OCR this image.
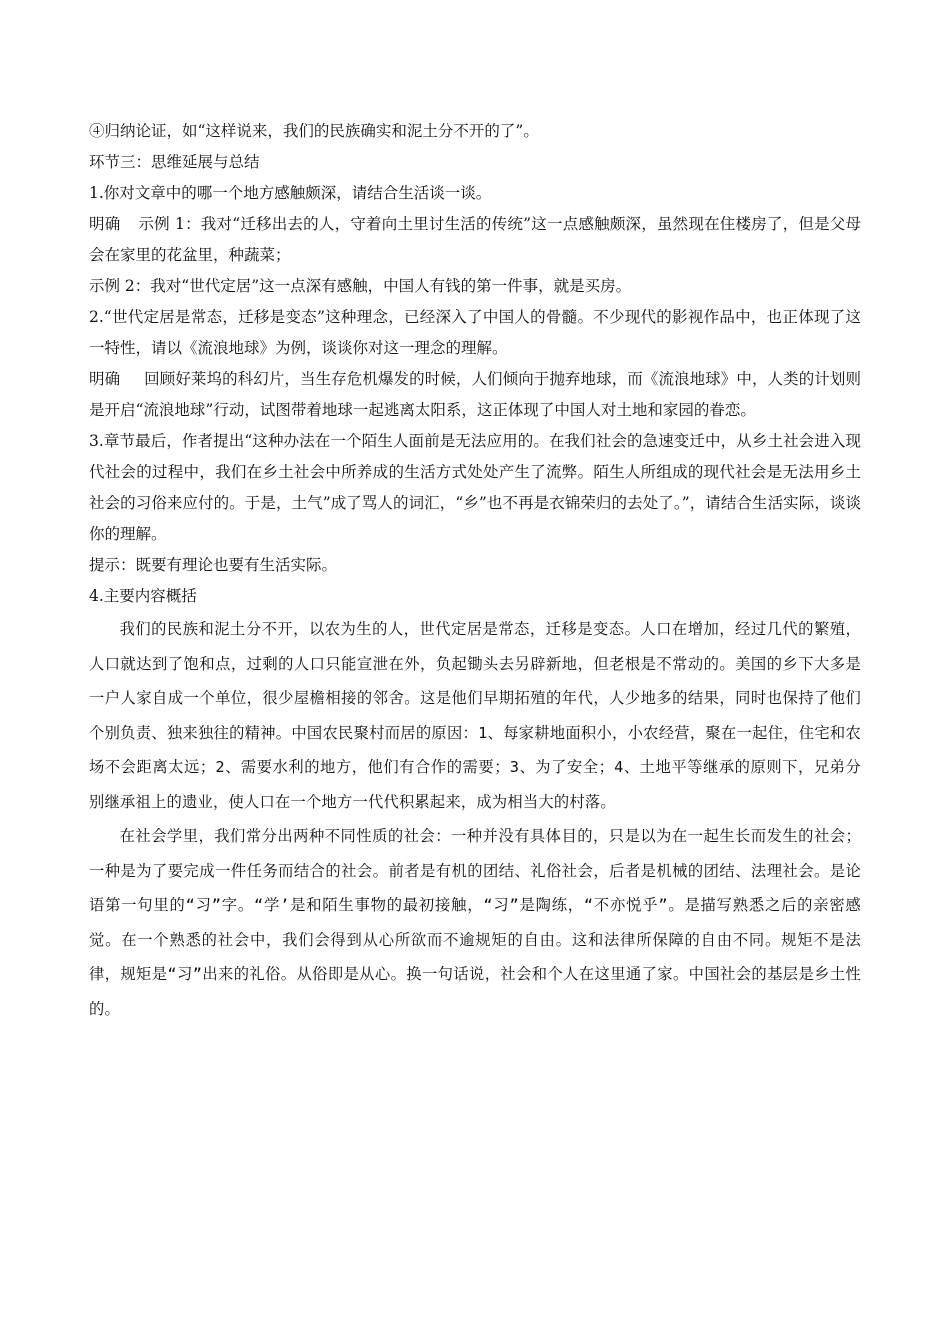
④归纳论证，如“这样说来，我们的民族确实和泥土分不开的了”。

环节三：思维延展与总结

1.你对文章中的哪一个地方感触颇深，请结合生活谈一谈。

明确 示例 1：我对“迁移出去的人，守着向土里讨生活的传统”这一点感触颇深，虽然现在住楼房了，但是父母会在家里的花盆里，种蔬菜；

示例 2：我对“世代定居”这一点深有感触，中国人有钱的第一件事，就是买房。

2.“世代定居是常态，迁移是变态”这种理念，已经深入了中国人的骨髓。不少现代的影视作品中，也正体现了这一特性，请以《流浪地球》为例，谈谈你对这一理念的理解。

明确 回顾好莱坞的科幻片，当生存危机爆发的时候，人们倾向于抛弃地球，而《流浪地球》中，人类的计划则是开启“流浪地球”行动，试图带着地球一起逃离太阳系，这正体现了中国人对土地和家园的眷恋。

3.章节最后，作者提出“这种办法在一个陌生人面前是无法应用的。在我们社会的急速变迁中，从乡土社会进入现代社会的过程中，我们在乡土社会中所养成的生活方式处处产生了流弊。陌生人所组成的现代社会是无法用乡土社会的习俗来应付的。于是，土气”成了骂人的词汇，“乡”也不再是衣锦荣归的去处了。”，请结合生活实际，谈谈你的理解。

提示：既要有理论也要有生活实际。

4.主要内容概括

我们的民族和泥土分不开，以农为生的人，世代定居是常态，迁移是变态。人口在增加，经过几代的繁殖，人口就达到了饱和点，过剩的人口只能宣泄在外，负起锄头去另辟新地，但老根是不常动的。美国的乡下大多是一户人家自成一个单位，很少屋檐相接的邻舍。这是他们早期拓殖的年代，人少地多的结果，同时也保持了他们个别负责、独来独往的精神。中国农民聚村而居的原因：1、每家耕地面积小，小农经营，聚在一起住，住宅和农场不会距离太远；2、需要水利的地方，他们有合作的需要；3、为了安全；4、土地平等继承的原则下，兄弟分别继承祖上的遗业，使人口在一个地方一代代积累起来，成为相当大的村落。

在社会学里，我们常分出两种不同性质的社会：一种并没有具体目的，只是以为在一起生长而发生的社会；一种是为了要完成一件任务而结合的社会。前者是有机的团结、礼俗社会，后者是机械的团结、法理社会。是论语第一句里的“习”字。“学’是和陌生事物的最初接触，“习”是陶练，“不亦悦乎”。是描写熟悉之后的亲密感觉。在一个熟悉的社会中，我们会得到从心所欲而不逾规矩的自由。这和法律所保障的自由不同。规矩不是法律，规矩是“习”出来的礼俗。从俗即是从心。换一句话说，社会和个人在这里通了家。中国社会的基层是乡土性的。
